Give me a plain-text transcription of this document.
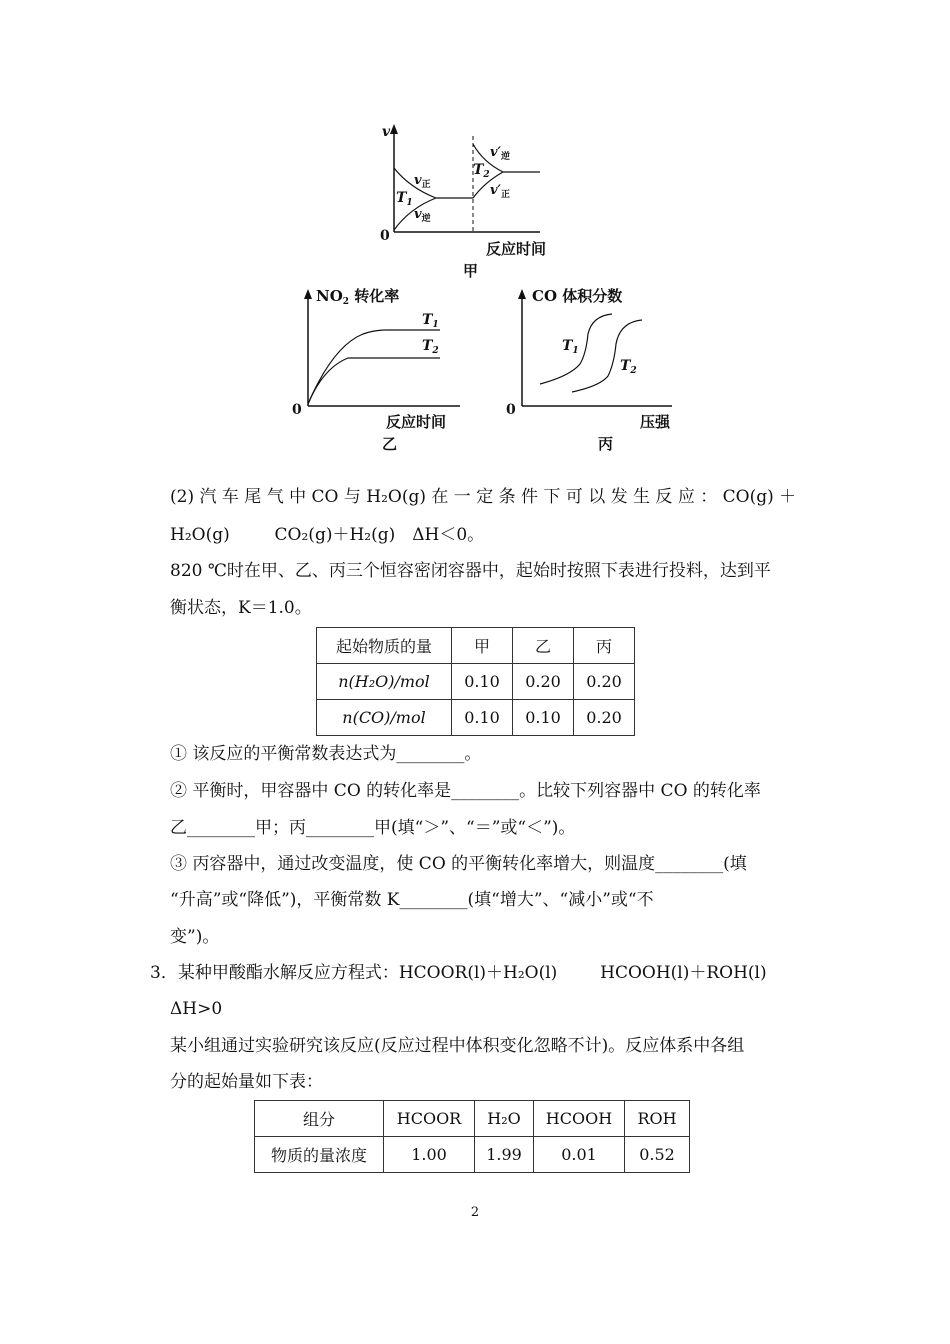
v
0
反应时间
甲
$T_1$
$v_正$
$v_逆$
$T_2$
$v'_逆$
$v'_正$
$NO_2$ 转化率
0
反应时间
乙
$T_1$
$T_2$
CO 体积分数
0
压强
丙
$T_1$
$T_2$
(2) 汽 车 尾 气 中 CO 与 H₂O(g) 在 一 定 条 件 下 可 以 发 生 反 应 ： CO(g) ＋
H₂O(g)	CO₂(g)＋H₂(g)　ΔH＜0。
820 ℃时在甲、乙、丙三个恒容密闭容器中，起始时按照下表进行投料，达到平
衡状态，K＝1.0。
起始物质的量	甲	乙	丙
n(H₂O)/mol	0.10	0.20	0.20
n(CO)/mol	0.10	0.10	0.20
① 该反应的平衡常数表达式为________。
② 平衡时，甲容器中 CO 的转化率是________。比较下列容器中 CO 的转化率
乙________甲；丙________甲(填“＞”、“＝”或“＜”)。
③ 丙容器中，通过改变温度，使 CO 的平衡转化率增大，则温度________(填
“升高”或“降低”)，平衡常数 K________(填“增大”、“减小”或“不
变”)。
3．某种甲酸酯水解反应方程式：HCOOR(l)＋H₂O(l)	HCOOH(l)＋ROH(l)
ΔH>0
某小组通过实验研究该反应(反应过程中体积变化忽略不计)。反应体系中各组
分的起始量如下表：
组分	HCOOR	H₂O	HCOOH	ROH
物质的量浓度	1.00	1.99	0.01	0.52
2
